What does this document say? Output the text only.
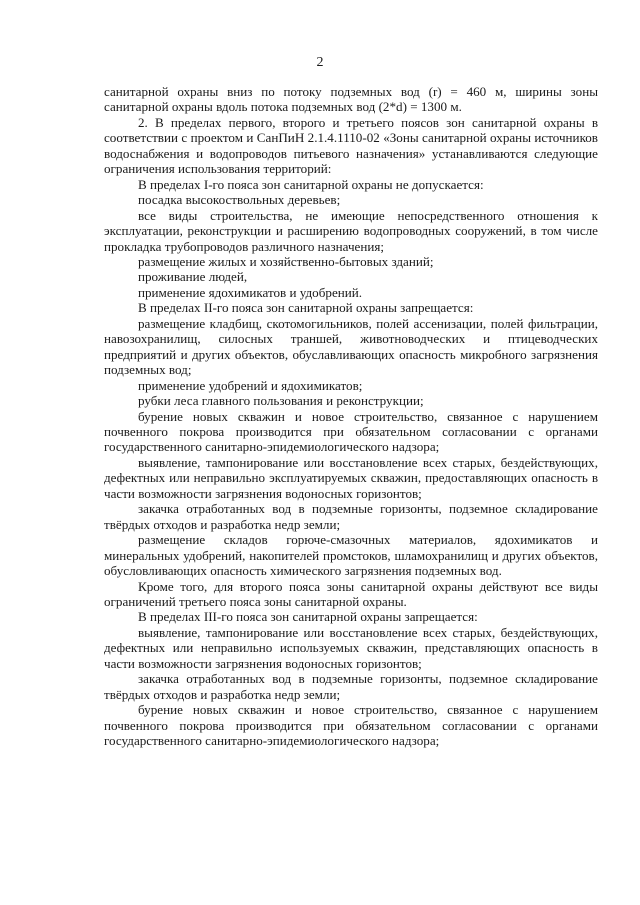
2

санитарной охраны вниз по потоку подземных вод (r) = 460 м, ширины зоны санитарной охраны вдоль потока подземных вод (2*d) = 1300 м.

2. В пределах первого, второго и третьего поясов зон санитарной охраны в соответствии с проектом и СанПиН 2.1.4.1110-02 «Зоны санитарной охраны источников водоснабжения и водопроводов питьевого назначения» устанавливаются следующие ограничения использования территорий:

В пределах I-го пояса зон санитарной охраны не допускается:

посадка высокоствольных деревьев;

все виды строительства, не имеющие непосредственного отношения к эксплуатации, реконструкции и расширению водопроводных сооружений, в том числе прокладка трубопроводов различного назначения;

размещение жилых и хозяйственно-бытовых зданий;

проживание людей,

применение ядохимикатов и удобрений.

В пределах II-го пояса зон санитарной охраны запрещается:

размещение кладбищ, скотомогильников, полей ассенизации, полей фильтрации, навозохранилищ, силосных траншей, животноводческих и птицеводческих предприятий и других объектов, обуславливающих опасность микробного загрязнения подземных вод;

применение удобрений и ядохимикатов;

рубки леса главного пользования и реконструкции;

бурение новых скважин и новое строительство, связанное с нарушением почвенного покрова производится при обязательном согласовании с органами государственного санитарно-эпидемиологического надзора;

выявление, тампонирование или восстановление всех старых, бездействующих, дефектных или неправильно эксплуатируемых скважин, предоставляющих опасность в части возможности загрязнения водоносных горизонтов;

закачка отработанных вод в подземные горизонты, подземное складирование твёрдых отходов и разработка недр земли;

размещение складов горюче-смазочных материалов, ядохимикатов и минеральных удобрений, накопителей промстоков, шламохранилищ и других объектов, обусловливающих опасность химического загрязнения подземных вод.

Кроме того, для второго пояса зоны санитарной охраны действуют все виды ограничений третьего пояса зоны санитарной охраны.

В пределах III-го пояса зон санитарной охраны запрещается:

выявление, тампонирование или восстановление всех старых, бездействующих, дефектных или неправильно используемых скважин, представляющих опасность в части возможности загрязнения водоносных горизонтов;

закачка отработанных вод в подземные горизонты, подземное складирование твёрдых отходов и разработка недр земли;

бурение новых скважин и новое строительство, связанное с нарушением почвенного покрова производится при обязательном согласовании с органами государственного санитарно-эпидемиологического надзора;
